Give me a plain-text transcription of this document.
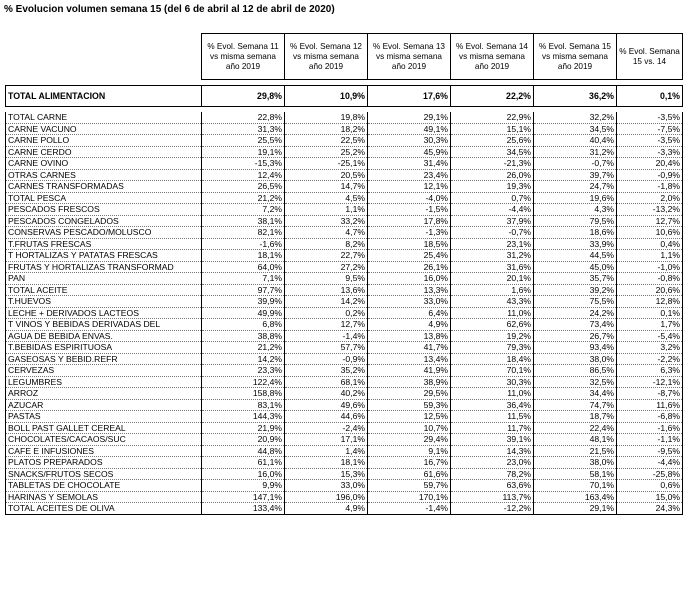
% Evolucion volumen semana 15 (del 6 de abril al 12 de abril de 2020)
	% Evol. Semana 11 vs misma semana año 2019	% Evol. Semana 12 vs misma semana año 2019	% Evol. Semana 13 vs misma semana año 2019	% Evol. Semana 14 vs misma semana año 2019	% Evol. Semana 15 vs misma semana año 2019	% Evol. Semana 15 vs. 14

TOTAL ALIMENTACION	29,8%	10,9%	17,6%	22,2%	36,2%	0,1%

TOTAL CARNE	22,8%	19,8%	29,1%	22,9%	32,2%	-3,5%
CARNE VACUNO	31,3%	18,2%	49,1%	15,1%	34,5%	-7,5%
CARNE POLLO	25,5%	22,5%	30,3%	25,6%	40,4%	-3,5%
CARNE CERDO	19,1%	25,2%	45,9%	34,5%	31,2%	-3,3%
CARNE OVINO	-15,3%	-25,1%	31,4%	-21,3%	-0,7%	20,4%
OTRAS CARNES	12,4%	20,5%	23,4%	26,0%	39,7%	-0,9%
CARNES TRANSFORMADAS	26,5%	14,7%	12,1%	19,3%	24,7%	-1,8%
TOTAL PESCA	21,2%	4,5%	-4,0%	0,7%	19,6%	2,0%
PESCADOS FRESCOS	7,2%	1,1%	-1,5%	-4,4%	4,3%	-13,2%
PESCADOS CONGELADOS	38,1%	33,2%	17,8%	37,9%	79,5%	12,7%
CONSERVAS PESCADO/MOLUSCO	82,1%	4,7%	-1,3%	-0,7%	18,6%	10,6%
T.FRUTAS FRESCAS	-1,6%	8,2%	18,5%	23,1%	33,9%	0,4%
T HORTALIZAS Y PATATAS FRESCAS	18,1%	22,7%	25,4%	31,2%	44,5%	1,1%
FRUTAS Y HORTALIZAS TRANSFORMAD	64,0%	27,2%	26,1%	31,6%	45,0%	-1,0%
PAN	7,1%	9,5%	16,0%	20,1%	35,7%	-0,8%
TOTAL ACEITE	97,7%	13,6%	13,3%	1,6%	39,2%	20,6%
T.HUEVOS	39,9%	14,2%	33,0%	43,3%	75,5%	12,8%
LECHE + DERIVADOS LACTEOS	49,9%	0,2%	6,4%	11,0%	24,2%	0,1%
T VINOS Y BEBIDAS DERIVADAS DEL	6,8%	12,7%	4,9%	62,6%	73,4%	1,7%
AGUA DE BEBIDA ENVAS.	38,8%	-1,4%	13,8%	19,2%	26,7%	-5,4%
T.BEBIDAS ESPIRITUOSA	21,2%	57,7%	41,7%	79,3%	93,4%	3,2%
GASEOSAS Y BEBID.REFR	14,2%	-0,9%	13,4%	18,4%	38,0%	-2,2%
CERVEZAS	23,3%	35,2%	41,9%	70,1%	86,5%	6,3%
LEGUMBRES	122,4%	68,1%	38,9%	30,3%	32,5%	-12,1%
ARROZ	158,8%	40,2%	29,5%	11,0%	34,4%	-8,7%
AZUCAR	83,1%	49,6%	59,3%	36,4%	74,7%	11,6%
PASTAS	144,3%	44,6%	12,5%	11,5%	18,7%	-6,8%
BOLL PAST GALLET CEREAL	21,9%	-2,4%	10,7%	11,7%	22,4%	-1,6%
CHOCOLATES/CACAOS/SUC	20,9%	17,1%	29,4%	39,1%	48,1%	-1,1%
CAFE E INFUSIONES	44,8%	1,4%	9,1%	14,3%	21,5%	-9,5%
PLATOS PREPARADOS	61,1%	18,1%	16,7%	23,0%	38,0%	-4,4%
SNACKS/FRUTOS SECOS	16,0%	15,3%	61,6%	78,2%	58,1%	-25,8%
TABLETAS DE CHOCOLATE	9,9%	33,0%	59,7%	63,6%	70,1%	0,6%
HARINAS Y SEMOLAS	147,1%	196,0%	170,1%	113,7%	163,4%	15,0%
TOTAL ACEITES DE OLIVA	133,4%	4,9%	-1,4%	-12,2%	29,1%	24,3%
